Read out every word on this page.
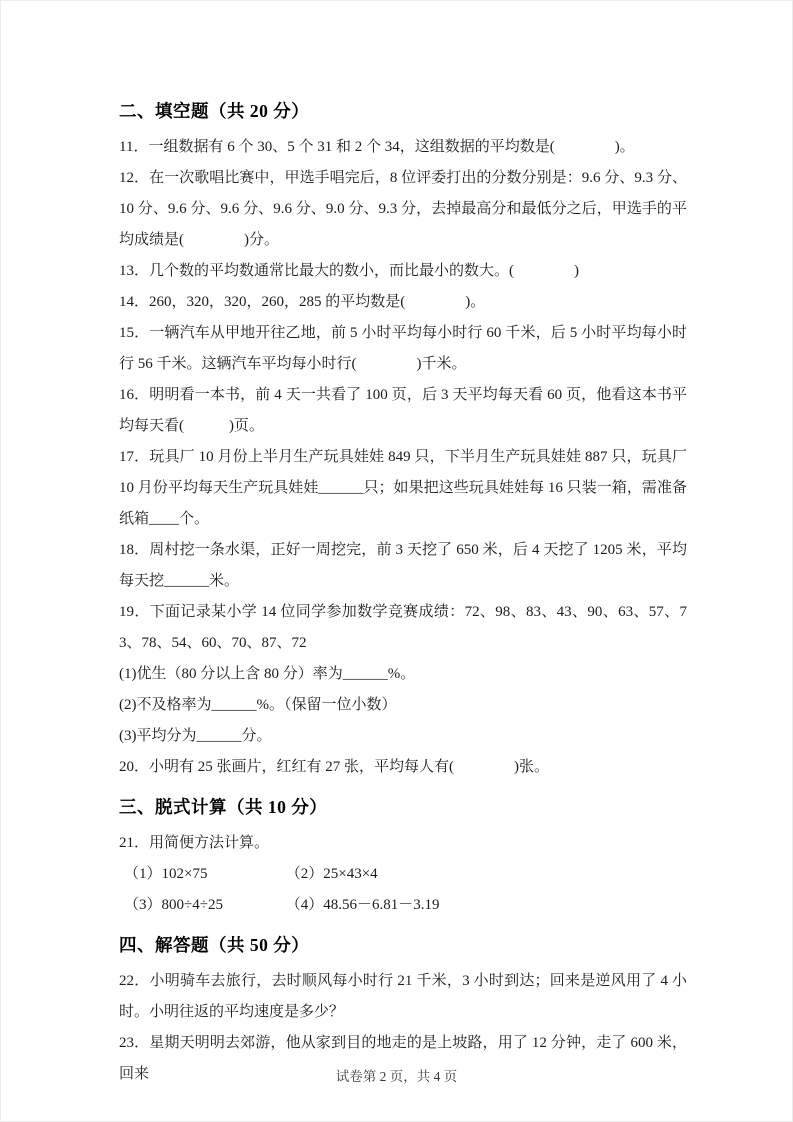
二、填空题（共 20 分）

11．一组数据有 6 个 30、5 个 31 和 2 个 34，这组数据的平均数是(　　　　)。

12．在一次歌唱比赛中，甲选手唱完后，8 位评委打出的分数分别是：9.6 分、9.3 分、10 分、9.6 分、9.6 分、9.6 分、9.0 分、9.3 分，去掉最高分和最低分之后，甲选手的平均成绩是(　　　　)分。

13．几个数的平均数通常比最大的数小，而比最小的数大。(　　　　)

14．260，320，320，260，285 的平均数是(　　　　)。

15．一辆汽车从甲地开往乙地，前 5 小时平均每小时行 60 千米，后 5 小时平均每小时行 56 千米。这辆汽车平均每小时行(　　　　)千米。

16．明明看一本书，前 4 天一共看了 100 页，后 3 天平均每天看 60 页，他看这本书平均每天看(　　　)页。

17．玩具厂 10 月份上半月生产玩具娃娃 849 只，下半月生产玩具娃娃 887 只，玩具厂 10 月份平均每天生产玩具娃娃______只；如果把这些玩具娃娃每 16 只装一箱，需准备纸箱____个。

18．周村挖一条水渠，正好一周挖完，前 3 天挖了 650 米，后 4 天挖了 1205 米，平均每天挖______米。

19．下面记录某小学 14 位同学参加数学竞赛成绩：72、98、83、43、90、63、57、73、78、54、60、70、87、72

(1)优生（80 分以上含 80 分）率为______%。

(2)不及格率为______%。（保留一位小数）

(3)平均分为______分。

20．小明有 25 张画片，红红有 27 张，平均每人有(　　　　)张。

三、脱式计算（共 10 分）

21．用简便方法计算。

（1）102×75	（2）25×43×4
（3）800÷4÷25	（4）48.56－6.81－3.19
四、解答题（共 50 分）

22．小明骑车去旅行，去时顺风每小时行 21 千米，3 小时到达；回来是逆风用了 4 小时。小明往返的平均速度是多少？

23．星期天明明去郊游，他从家到目的地走的是上坡路，用了 12 分钟，走了 600 米，回来	试卷第 2 页，共 4 页
